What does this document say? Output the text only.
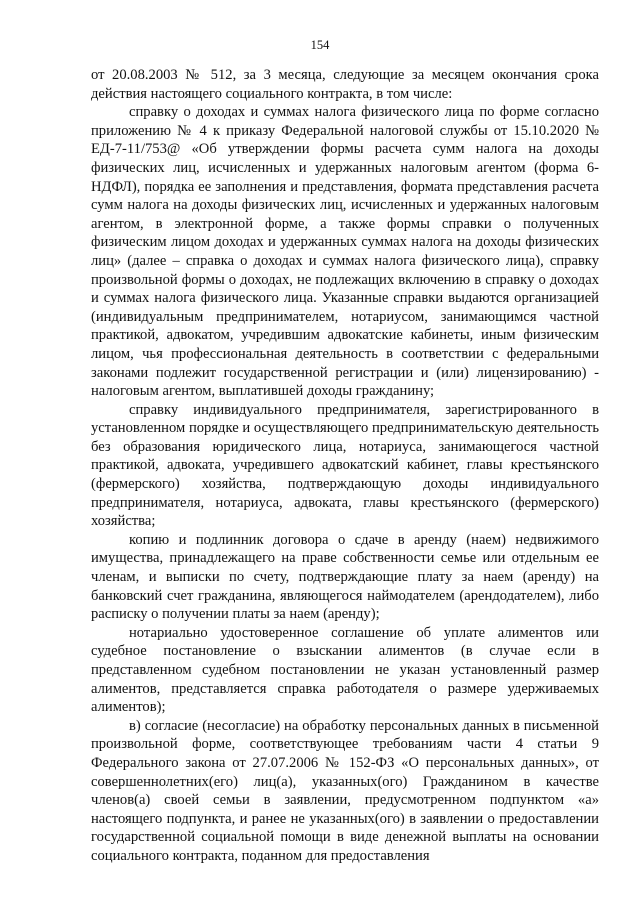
154

от 20.08.2003 № 512, за 3 месяца, следующие за месяцем окончания срока действия настоящего социального контракта, в том числе:

справку о доходах и суммах налога физического лица по форме согласно приложению № 4 к приказу Федеральной налоговой службы от 15.10.2020 № ЕД-7-11/753@ «Об утверждении формы расчета сумм налога на доходы физических лиц, исчисленных и удержанных налоговым агентом (форма 6-НДФЛ), порядка ее заполнения и представления, формата представления расчета сумм налога на доходы физических лиц, исчисленных и удержанных налоговым агентом, в электронной форме, а также формы справки о полученных физическим лицом доходах и удержанных суммах налога на доходы физических лиц» (далее – справка о доходах и суммах налога физического лица), справку произвольной формы о доходах, не подлежащих включению в справку о доходах и суммах налога физического лица. Указанные справки выдаются организацией (индивидуальным предпринимателем, нотариусом, занимающимся частной практикой, адвокатом, учредившим адвокатские кабинеты, иным физическим лицом, чья профессиональная деятельность в соответствии с федеральными законами подлежит государственной регистрации и (или) лицензированию) - налоговым агентом, выплатившей доходы гражданину;

справку индивидуального предпринимателя, зарегистрированного в установленном порядке и осуществляющего предпринимательскую деятельность без образования юридического лица, нотариуса, занимающегося частной практикой, адвоката, учредившего адвокатский кабинет, главы крестьянского (фермерского) хозяйства, подтверждающую доходы индивидуального предпринимателя, нотариуса, адвоката, главы крестьянского (фермерского) хозяйства;

копию и подлинник договора о сдаче в аренду (наем) недвижимого имущества, принадлежащего на праве собственности семье или отдельным ее членам, и выписки по счету, подтверждающие плату за наем (аренду) на банковский счет гражданина, являющегося наймодателем (арендодателем), либо расписку о получении платы за наем (аренду);

нотариально удостоверенное соглашение об уплате алиментов или судебное постановление о взыскании алиментов (в случае если в представленном судебном постановлении не указан установленный размер алиментов, представляется справка работодателя о размере удерживаемых алиментов);

в) согласие (несогласие) на обработку персональных данных в письменной произвольной форме, соответствующее требованиям части 4 статьи 9 Федерального закона от 27.07.2006 № 152-ФЗ «О персональных данных», от совершеннолетних(его) лиц(а), указанных(ого) Гражданином в качестве членов(а) своей семьи в заявлении, предусмотренном подпунктом «а» настоящего подпункта, и ранее не указанных(ого) в заявлении о предоставлении государственной социальной помощи в виде денежной выплаты на основании социального контракта, поданном для предоставления
